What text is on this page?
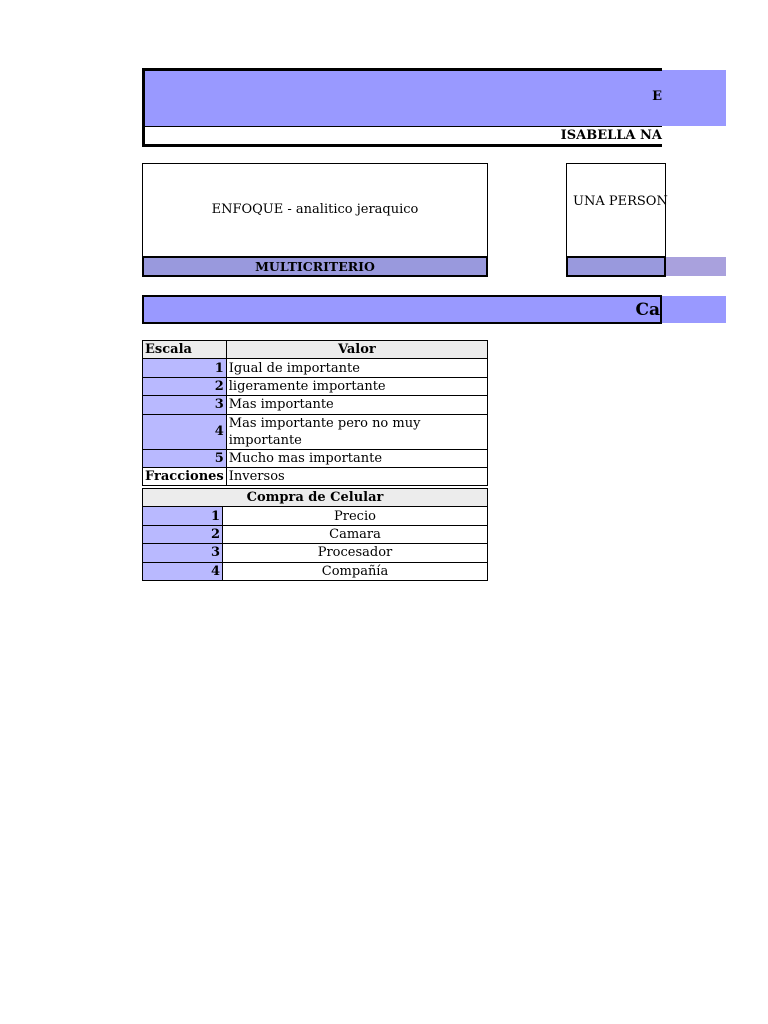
E
ISABELLA NA
ENFOQUE - analitico jeraquico
MULTICRITERIO
UNA PERSON
Ca
Escala	Valor
1	Igual de importante
2	ligeramente importante
3	Mas importante
4	Mas importante pero no muy importante
5	Mucho mas importante
Fracciones	Inversos
Compra de Celular	
1	Precio
2	Camara
3	Procesador
4	Compañía
